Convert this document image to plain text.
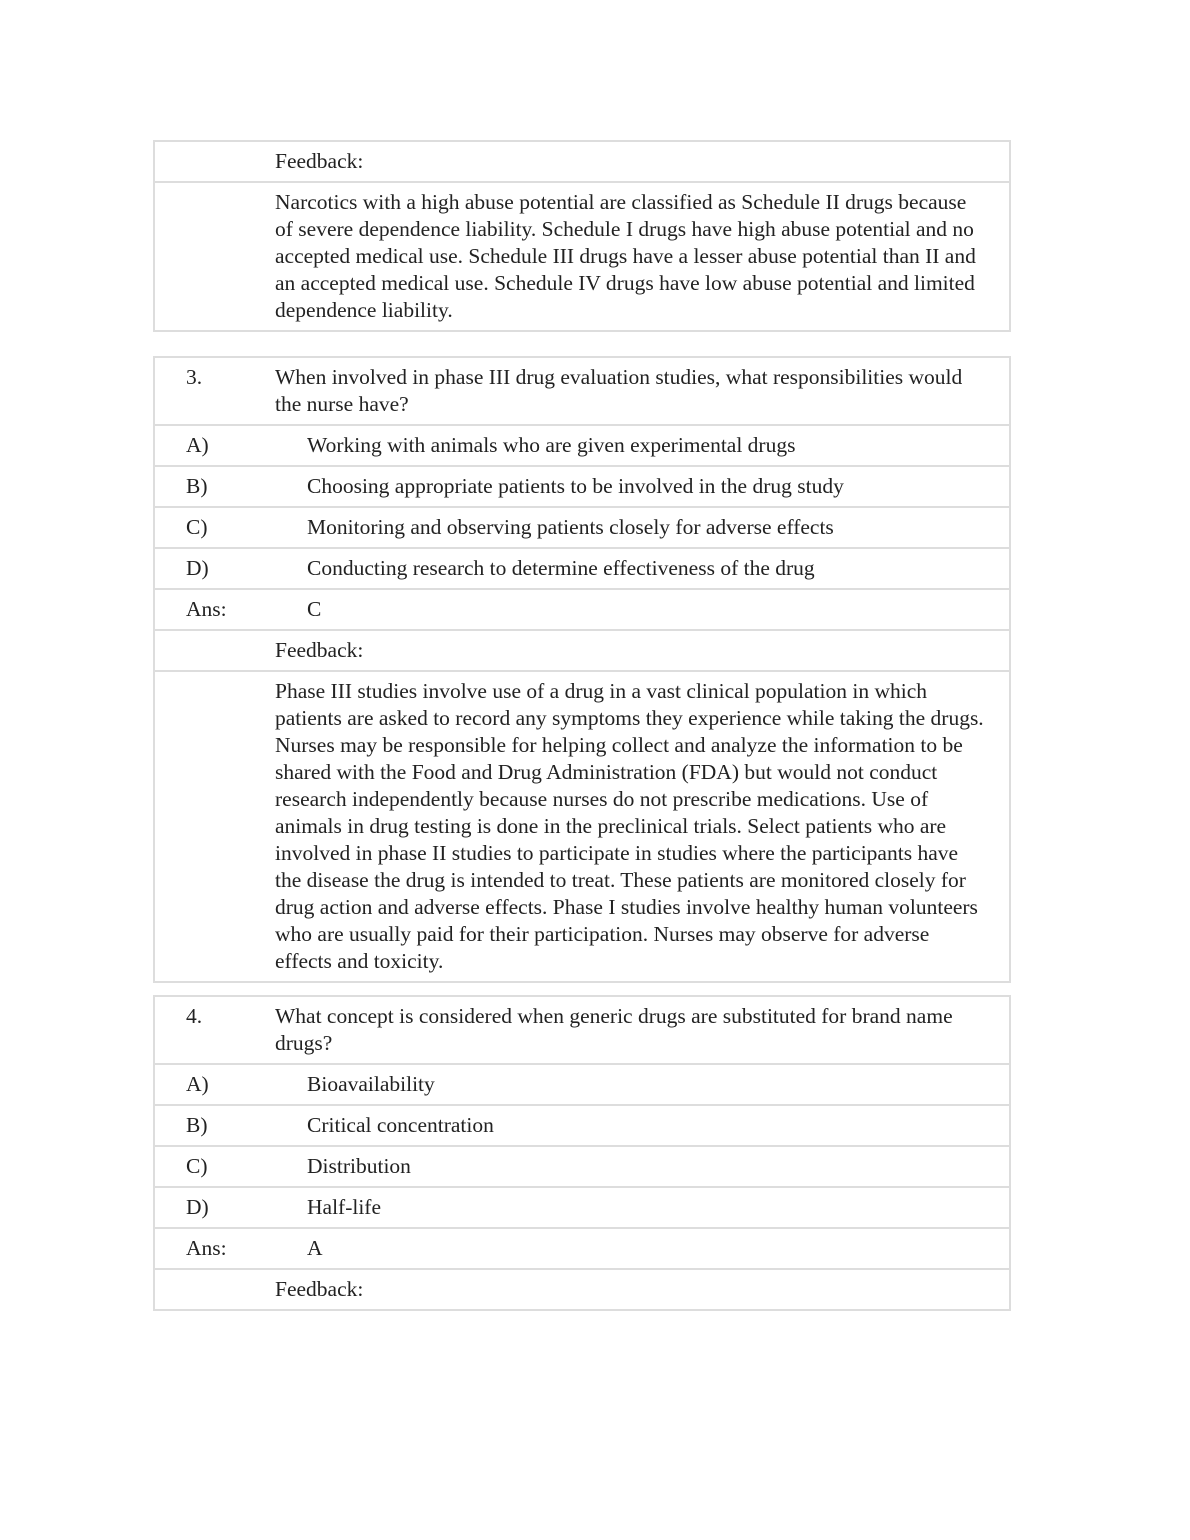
Feedback:
Narcotics with a high abuse potential are classified as Schedule II drugs because of severe dependence liability. Schedule I drugs have high abuse potential and no accepted medical use. Schedule III drugs have a lesser abuse potential than II and an accepted medical use. Schedule IV drugs have low abuse potential and limited dependence liability.
3.	When involved in phase III drug evaluation studies, what responsibilities would the nurse have?
A)	Working with animals who are given experimental drugs
B)	Choosing appropriate patients to be involved in the drug study
C)	Monitoring and observing patients closely for adverse effects
D)	Conducting research to determine effectiveness of the drug
Ans:	C
Feedback:
Phase III studies involve use of a drug in a vast clinical population in which patients are asked to record any symptoms they experience while taking the drugs. Nurses may be responsible for helping collect and analyze the information to be shared with the Food and Drug Administration (FDA) but would not conduct research independently because nurses do not prescribe medications. Use of animals in drug testing is done in the preclinical trials. Select patients who are involved in phase II studies to participate in studies where the participants have the disease the drug is intended to treat. These patients are monitored closely for drug action and adverse effects. Phase I studies involve healthy human volunteers who are usually paid for their participation. Nurses may observe for adverse effects and toxicity.
4.	What concept is considered when generic drugs are substituted for brand name drugs?
A)	Bioavailability
B)	Critical concentration
C)	Distribution
D)	Half-life
Ans:	A
Feedback:
